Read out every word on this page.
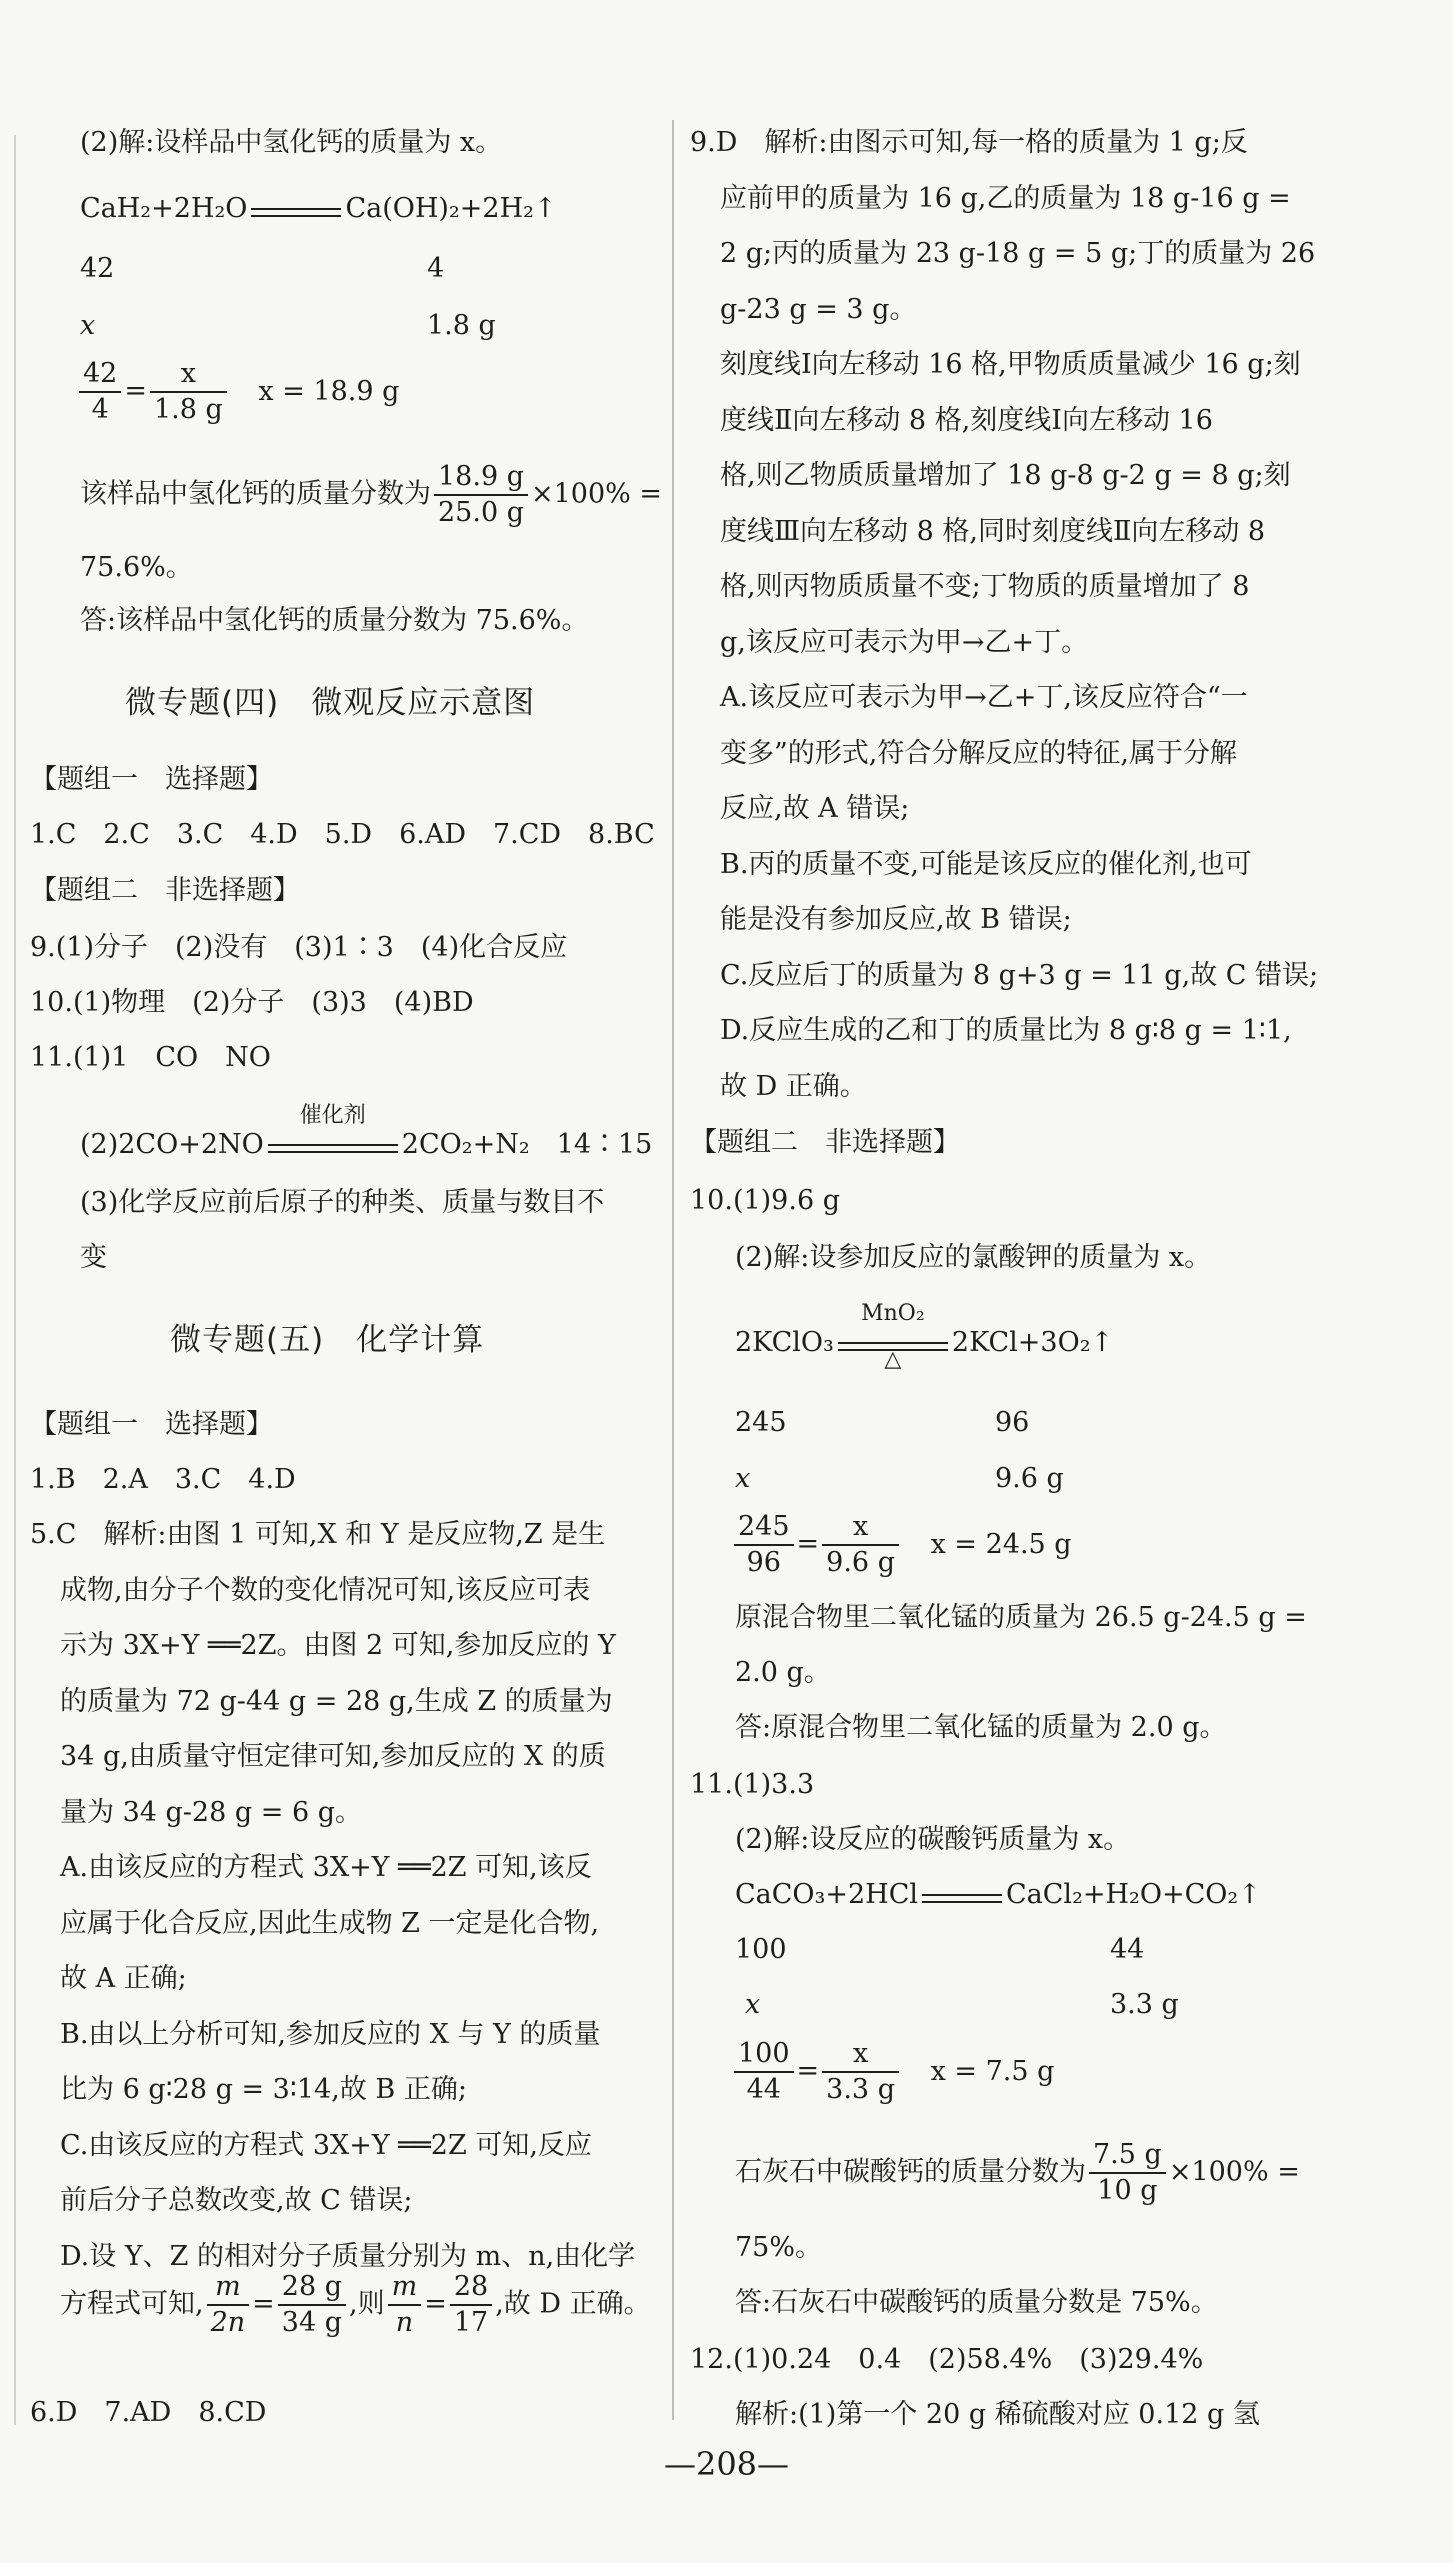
(2)解:设样品中氢化钙的质量为 x。
CaH₂+2H₂O	Ca(OH)₂+2H₂↑
42	4
x	1.8 g
$\frac{42}{4} = \frac{x}{1.8 g}$ x = 18.9 g
该样品中氢化钙的质量分数为 $\frac{18.9 g}{25.0 g} \times 100\%$ =
75.6%。
答:该样品中氢化钙的质量分数为 75.6%。
微专题(四)　微观反应示意图
【题组一　选择题】
1.C　2.C　3.C　4.D　5.D　6.AD　7.CD　8.BC
【题组二　非选择题】
9.(1)分子　(2)没有　(3)1∶3　(4)化合反应
10.(1)物理　(2)分子　(3)3　(4)BD
11.(1)1　CO　NO
(2)2CO+2NO
催化剂
2CO₂+N₂　14∶15
(3)化学反应前后原子的种类、质量与数目不
变
微专题(五)　化学计算
【题组一　选择题】
1.B　2.A　3.C　4.D
5.C　解析:由图 1 可知,X 和 Y 是反应物,Z 是生
成物,由分子个数的变化情况可知,该反应可表
示为 3X+Y ══2Z。由图 2 可知,参加反应的 Y
的质量为 72 g-44 g = 28 g,生成 Z 的质量为
34 g,由质量守恒定律可知,参加反应的 X 的质
量为 34 g-28 g = 6 g。
A.由该反应的方程式 3X+Y ══2Z 可知,该反
应属于化合反应,因此生成物 Z 一定是化合物,
故 A 正确;
B.由以上分析可知,参加反应的 X 与 Y 的质量
比为 6 g∶28 g = 3∶14,故 B 正确;
C.由该反应的方程式 3X+Y ══2Z 可知,反应
前后分子总数改变,故 C 错误;
D.设 Y、Z 的相对分子质量分别为 m、n,由化学
方程式可知, $\frac{m}{2n} = \frac{28 g}{34 g}$ ,则 $\frac{m}{n} = \frac{28}{17}$ ,故 D 正确。
6.D　7.AD　8.CD
9.D　解析:由图示可知,每一格的质量为 1 g;反
应前甲的质量为 16 g,乙的质量为 18 g-16 g =
2 g;丙的质量为 23 g-18 g = 5 g;丁的质量为 26
g-23 g = 3 g。
刻度线Ⅰ向左移动 16 格,甲物质质量减少 16 g;刻
度线Ⅱ向左移动 8 格,刻度线Ⅰ向左移动 16
格,则乙物质质量增加了 18 g-8 g-2 g = 8 g;刻
度线Ⅲ向左移动 8 格,同时刻度线Ⅱ向左移动 8
格,则丙物质质量不变;丁物质的质量增加了 8
g,该反应可表示为甲→乙+丁。
A.该反应可表示为甲→乙+丁,该反应符合“一
变多”的形式,符合分解反应的特征,属于分解
反应,故 A 错误;
B.丙的质量不变,可能是该反应的催化剂,也可
能是没有参加反应,故 B 错误;
C.反应后丁的质量为 8 g+3 g = 11 g,故 C 错误;
D.反应生成的乙和丁的质量比为 8 g∶8 g = 1∶1,
故 D 正确。
【题组二　非选择题】
10.(1)9.6 g
(2)解:设参加反应的氯酸钾的质量为 x。
2KClO₃
MnO₂
△
2KCl+3O₂↑
245	96
x	9.6 g
$\frac{245}{96} = \frac{x}{9.6 g}$ x = 24.5 g
原混合物里二氧化锰的质量为 26.5 g-24.5 g =
2.0 g。
答:原混合物里二氧化锰的质量为 2.0 g。
11.(1)3.3
(2)解:设反应的碳酸钙质量为 x。
CaCO₃+2HCl	CaCl₂+H₂O+CO₂↑
100	44
x	3.3 g
$\frac{100}{44} = \frac{x}{3.3 g}$ x = 7.5 g
石灰石中碳酸钙的质量分数为 $\frac{7.5 g}{10 g} \times 100\%$ =
75%。
答:石灰石中碳酸钙的质量分数是 75%。
12.(1)0.24　0.4　(2)58.4%　(3)29.4%
解析:(1)第一个 20 g 稀硫酸对应 0.12 g 氢
—208—
